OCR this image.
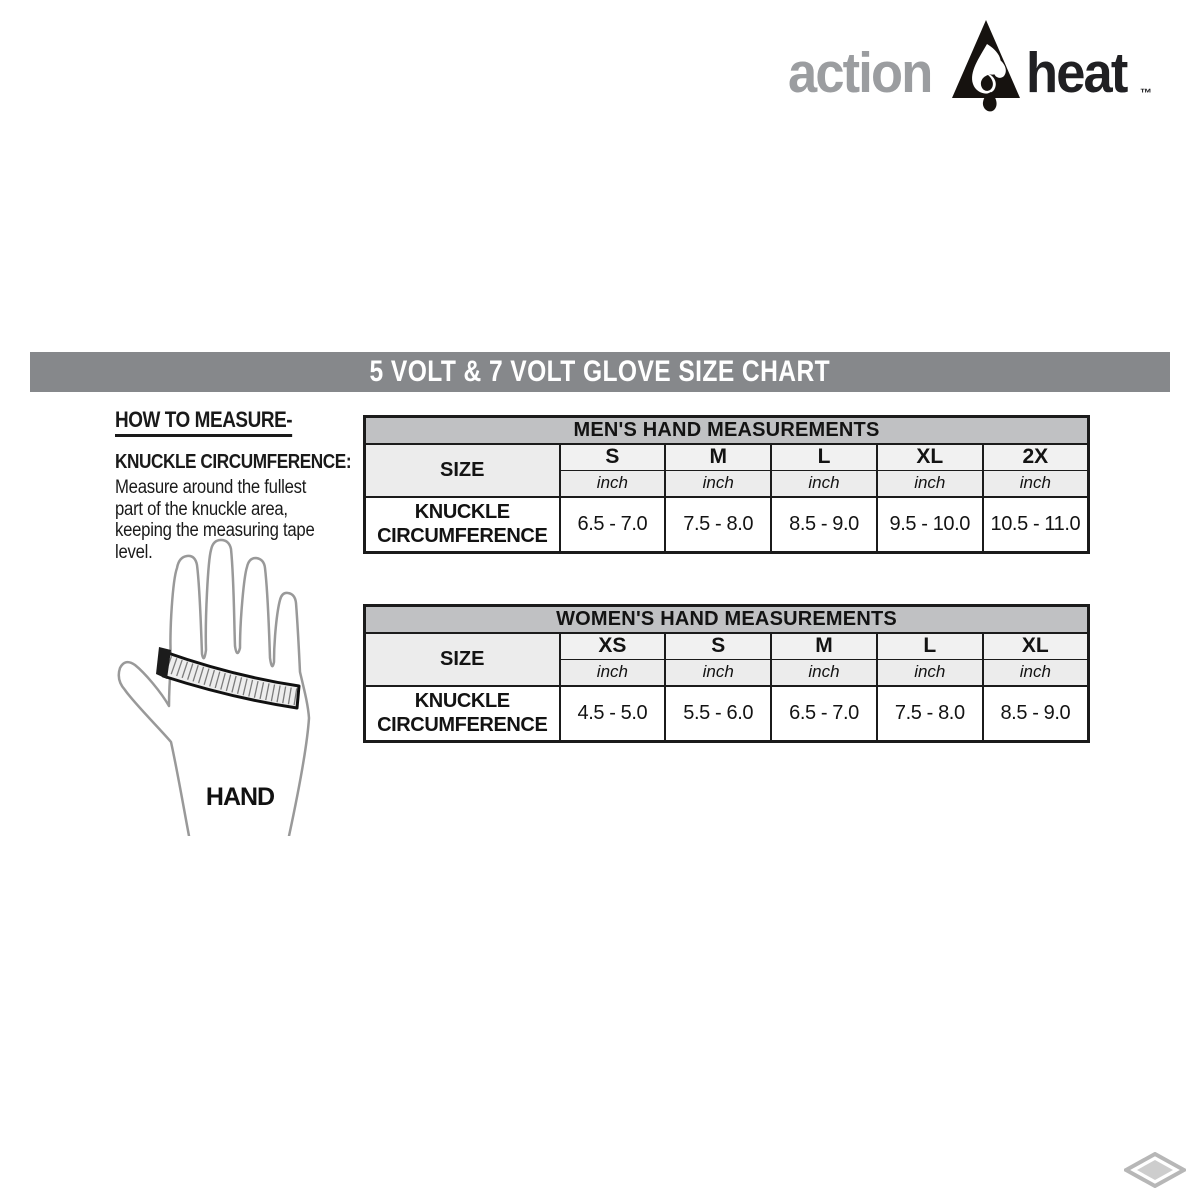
action heat ™
5 VOLT & 7 VOLT GLOVE SIZE CHART
HOW TO MEASURE-
KNUCKLE CIRCUMFERENCE:
Measure around the fullest part of the knuckle area, keeping the measuring tape level.
HAND
MEN'S HAND MEASUREMENTS					
SIZE	S	M	L	XL	2X
	inch	inch	inch	inch	inch
KNUCKLE CIRCUMFERENCE	6.5 - 7.0	7.5 - 8.0	8.5 - 9.0	9.5 - 10.0	10.5 - 11.0
WOMEN'S HAND MEASUREMENTS					
SIZE	XS	S	M	L	XL
	inch	inch	inch	inch	inch
KNUCKLE CIRCUMFERENCE	4.5 - 5.0	5.5 - 6.0	6.5 - 7.0	7.5 - 8.0	8.5 - 9.0
